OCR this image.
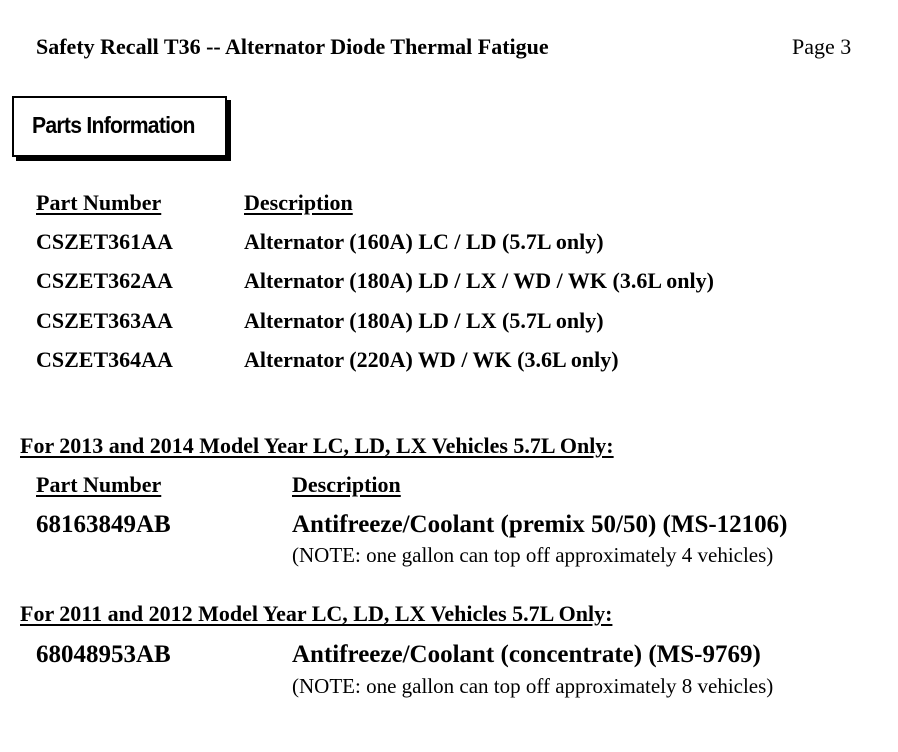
Safety Recall T36 -- Alternator Diode Thermal Fatigue	Page 3
Parts Information
Part Number	Description
CSZET361AA	Alternator (160A) LC / LD (5.7L only)
CSZET362AA	Alternator (180A) LD / LX / WD / WK (3.6L only)
CSZET363AA	Alternator (180A) LD / LX (5.7L only)
CSZET364AA	Alternator (220A) WD / WK (3.6L only)
For 2013 and 2014 Model Year LC, LD, LX Vehicles 5.7L Only:
Part Number	Description
68163849AB	Antifreeze/Coolant (premix 50/50) (MS-12106)
(NOTE: one gallon can top off approximately 4 vehicles)
For 2011 and 2012 Model Year LC, LD, LX Vehicles 5.7L Only:
68048953AB	Antifreeze/Coolant (concentrate) (MS-9769)
(NOTE: one gallon can top off approximately 8 vehicles)
